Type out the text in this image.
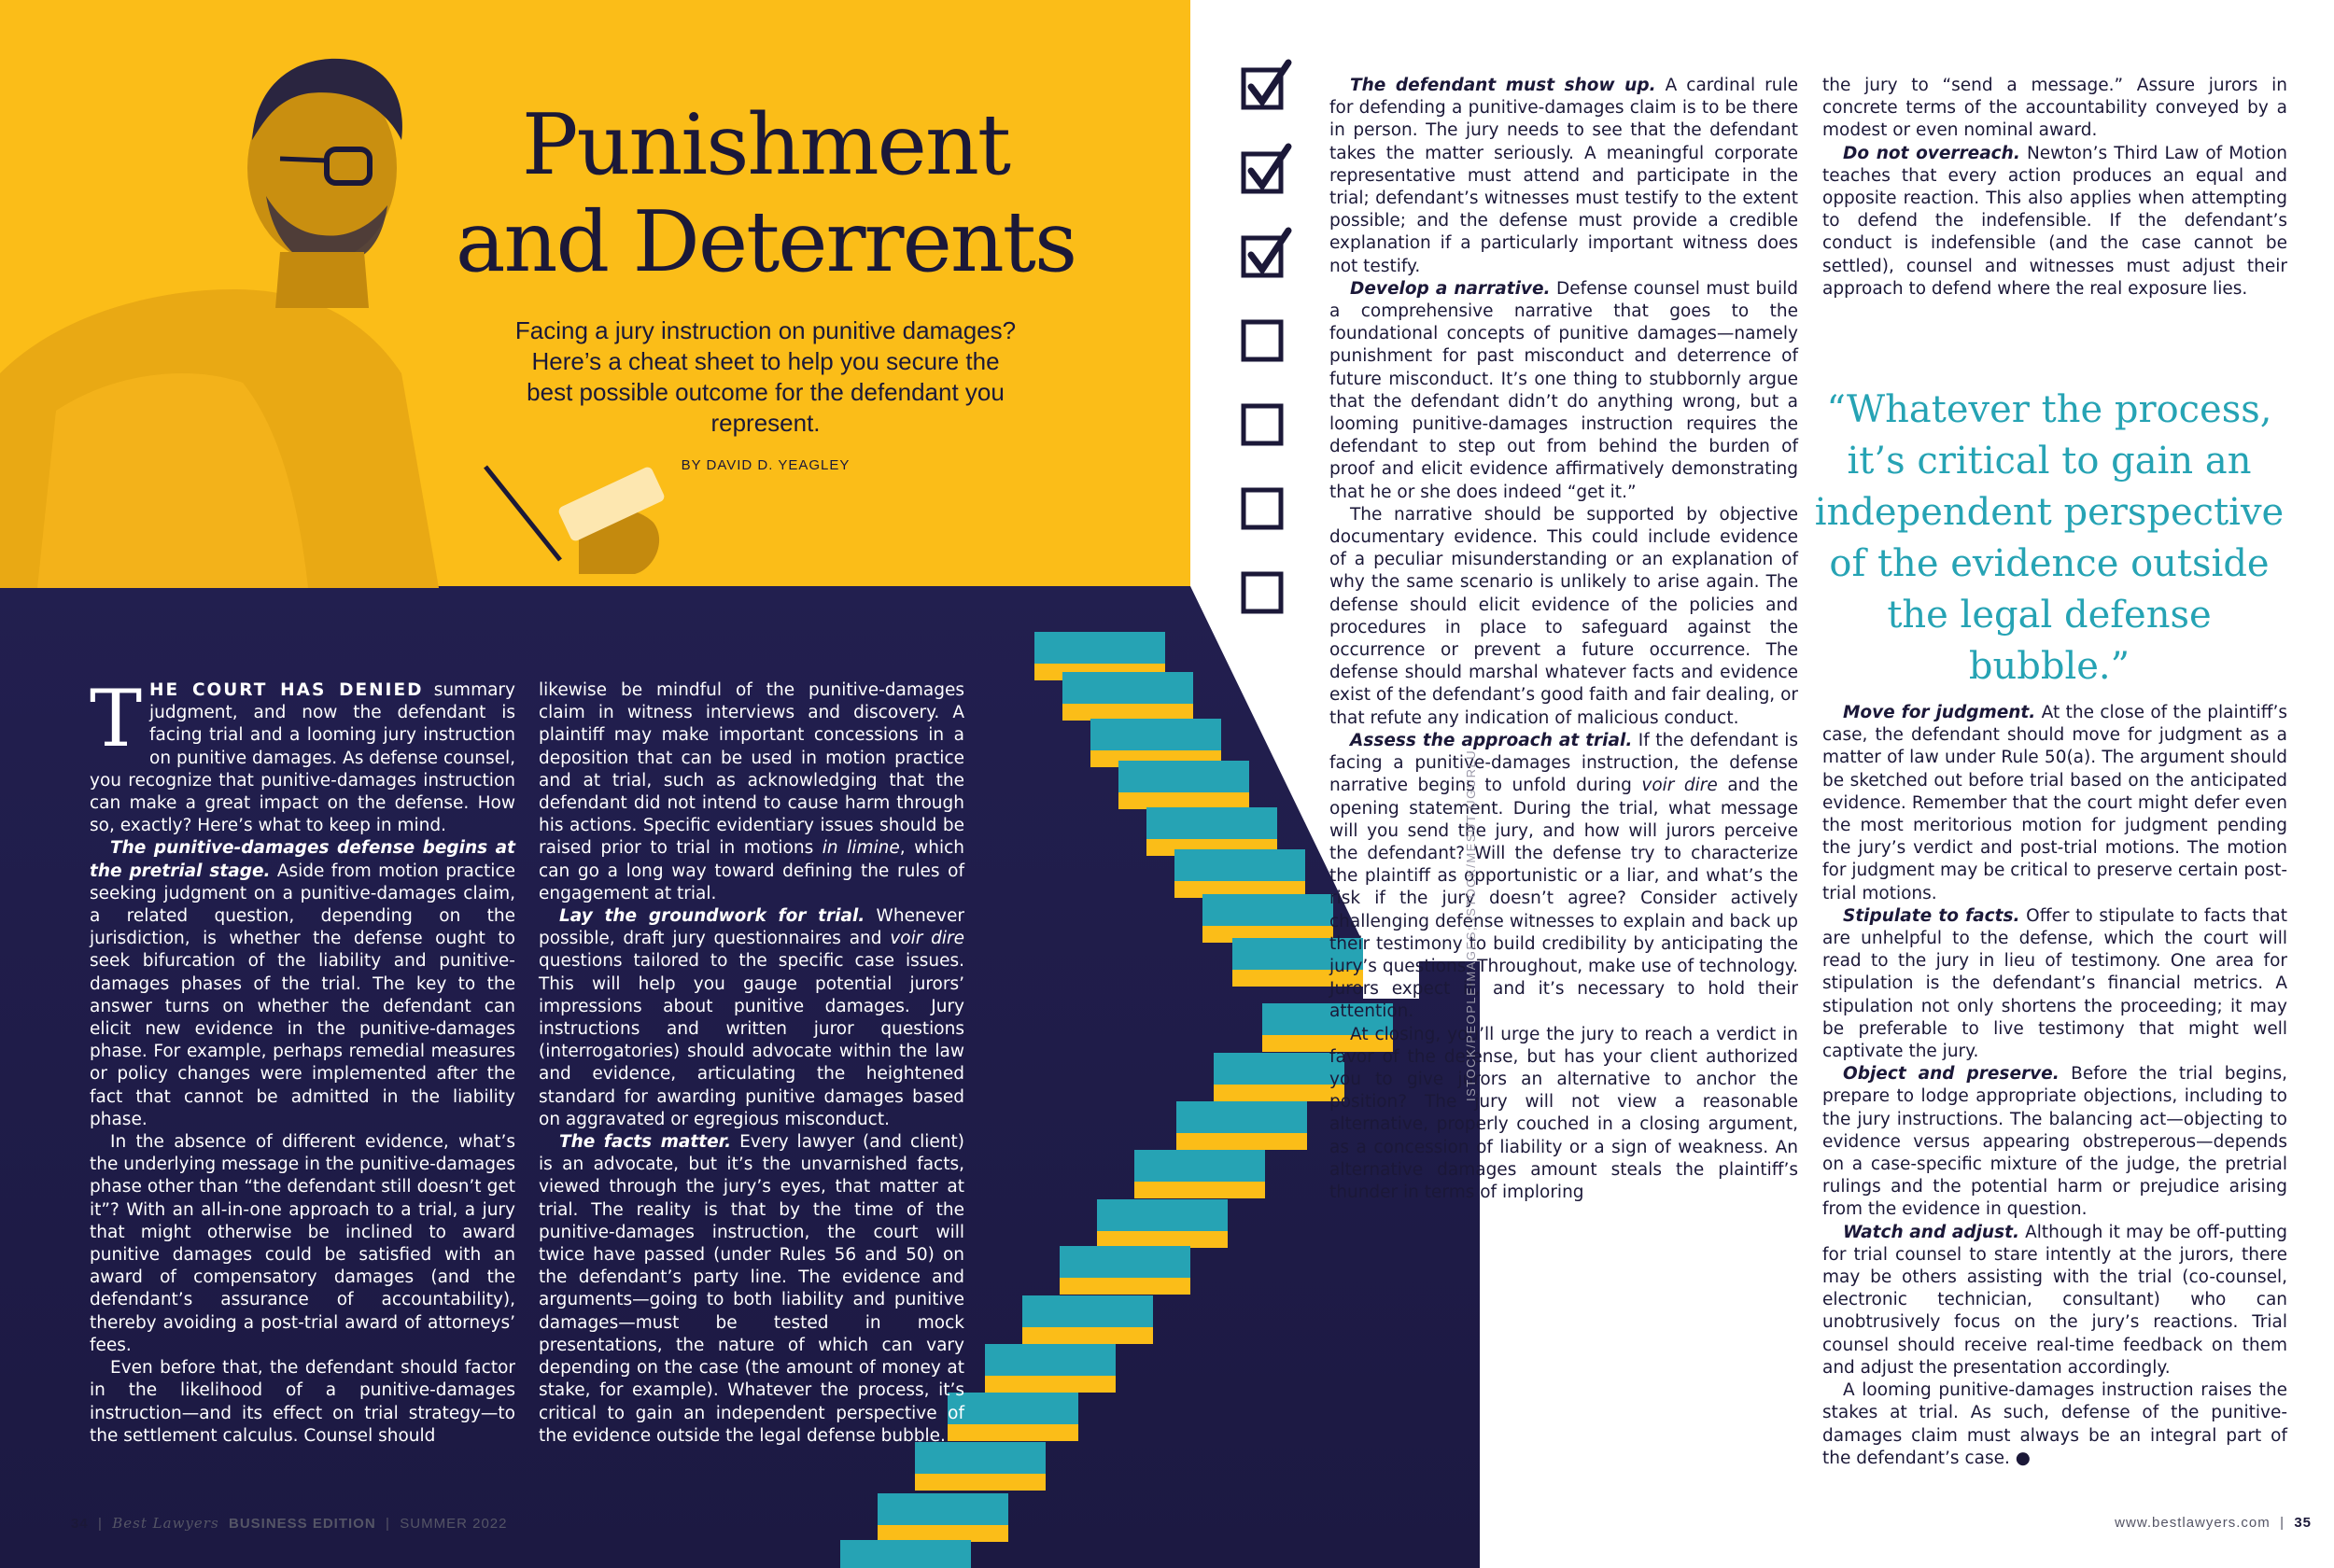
Punishment
and Deterrents
Facing a jury instruction on punitive damages? Here’s a cheat sheet to help you secure the best possible outcome for the defendant you represent.
BY DAVID D. YEAGLEY

THE COURT HAS DENIED summary judgment, and now the defendant is facing trial and a looming jury instruction on punitive damages. As defense counsel, you recognize that punitive-damages instruction can make a great impact on the defense. How so, exactly? Here’s what to keep in mind.

The punitive-damages defense begins at the pretrial stage. Aside from motion practice seeking judgment on a punitive-damages claim, a related question, depending on the jurisdiction, is whether the defense ought to seek bifurcation of the liability and punitive-damages phases of the trial. The key to the answer turns on whether the defendant can elicit new evidence in the punitive-damages phase. For example, perhaps remedial measures or policy changes were implemented after the fact that cannot be admitted in the liability phase.

In the absence of different evidence, what’s the underlying message in the punitive-damages phase other than “the defendant still doesn’t get it”? With an all-in-one approach to a trial, a jury that might otherwise be inclined to award punitive damages could be satisfied with an award of compensatory damages (and the defendant’s assurance of accountability), thereby avoiding a post-trial award of attorneys’ fees.

Even before that, the defendant should factor in the likelihood of a punitive-damages instruction—and its effect on trial strategy—to the settlement calculus. Counsel should

likewise be mindful of the punitive-damages claim in witness interviews and discovery. A plaintiff may make important concessions in a deposition that can be used in motion practice and at trial, such as acknowledging that the defendant did not intend to cause harm through his actions. Specific evidentiary issues should be raised prior to trial in motions in limine, which can go a long way toward defining the rules of engagement at trial.

Lay the groundwork for trial. Whenever possible, draft jury questionnaires and voir dire questions tailored to the specific case issues. This will help you gauge potential jurors’ impressions about punitive damages. Jury instructions and written juror questions (interrogatories) should advocate within the law and evidence, articulating the heightened standard for awarding punitive damages based on aggravated or egregious misconduct.

The facts matter. Every lawyer (and client) is an advocate, but it’s the unvarnished facts, viewed through the jury’s eyes, that matter at trial. The reality is that by the time of the punitive-damages instruction, the court will twice have passed (under Rules 56 and 50) on the defendant’s party line. The evidence and arguments—going to both liability and punitive damages—must be tested in mock presentations, the nature of which can vary depending on the case (the amount of money at stake, for example). Whatever the process, it’s critical to gain an independent perspective of the evidence outside the legal defense bubble.

The defendant must show up. A cardinal rule for defending a punitive-damages claim is to be there in person. The jury needs to see that the defendant takes the matter seriously. A meaningful corporate representative must attend and participate in the trial; defendant’s witnesses must testify to the extent possible; and the defense must provide a credible explanation if a particularly important witness does not testify.

Develop a narrative. Defense counsel must build a comprehensive narrative that goes to the foundational concepts of punitive damages—namely punishment for past misconduct and deterrence of future misconduct. It’s one thing to stubbornly argue that the defendant didn’t do anything wrong, but a looming punitive-damages instruction requires the defendant to step out from behind the burden of proof and elicit evidence affirmatively demonstrating that he or she does indeed “get it.”

The narrative should be supported by objective documentary evidence. This could include evidence of a peculiar misunderstanding or an explanation of why the same scenario is unlikely to arise again. The defense should elicit evidence of the policies and procedures in place to safeguard against the occurrence or prevent a future occurrence. The defense should marshal whatever facts and evidence exist of the defendant’s good faith and fair dealing, or that refute any indication of malicious conduct.

Assess the approach at trial. If the defendant is facing a punitive-damages instruction, the defense narrative begins to unfold during voir dire and the opening statement. During the trial, what message will you send the jury, and how will jurors perceive the defendant? Will the defense try to characterize the plaintiff as opportunistic or a liar, and what’s the risk if the jury doesn’t agree? Consider actively challenging defense witnesses to explain and back up their testimony to build credibility by anticipating the jury’s questions. Throughout, make use of technology. Jurors expect it, and it’s necessary to hold their attention.

At closing, you’ll urge the jury to reach a verdict in favor of the defense, but has your client authorized you to give jurors an alternative to anchor the position? The jury will not view a reasonable alternative, properly couched in a closing argument, as a concession of liability or a sign of weakness. An alternative damages amount steals the plaintiff’s thunder in terms of imploring

the jury to “send a message.” Assure jurors in concrete terms of the accountability conveyed by a modest or even nominal award.

Do not overreach. Newton’s Third Law of Motion teaches that every action produces an equal and opposite reaction. This also applies when attempting to defend the indefensible. If the defendant’s conduct is indefensible (and the case cannot be settled), counsel and witnesses must adjust their approach to defend where the real exposure lies.

“Whatever the process, it’s critical to gain an independent perspective of the evidence outside the legal defense bubble.”

Move for judgment. At the close of the plaintiff’s case, the defendant should move for judgment as a matter of law under Rule 50(a). The argument should be sketched out before trial based on the anticipated evidence. Remember that the court might defer even the most meritorious motion for judgment pending the jury’s verdict and post-trial motions. The motion for judgment may be critical to preserve certain post-trial motions.

Stipulate to facts. Offer to stipulate to facts that are unhelpful to the defense, which the court will read to the jury in lieu of testimony. One area for stipulation is the defendant’s financial metrics. A stipulation not only shortens the proceeding; it may be preferable to live testimony that might well captivate the jury.

Object and preserve. Before the trial begins, prepare to lodge appropriate objections, including to the jury instructions. The balancing act—objecting to evidence versus appearing obstreperous—depends on a case-specific mixture of the judge, the pretrial rulings and the potential harm or prejudice arising from the evidence in question.

Watch and adjust. Although it may be off-putting for trial counsel to stare intently at the jurors, there may be others assisting with the trial (co-counsel, electronic technician, consultant) who can unobtrusively focus on the jury’s reactions. Trial counsel should receive real-time feedback on them and adjust the presentation accordingly.

A looming punitive-damages instruction raises the stakes at trial. As such, defense of the punitive-damages claim must always be an integral part of the defendant’s case. ●

ISTOCK/PEOPLEIMAGES; ISTOCK/MESUT UGURLU
34 | Best Lawyers BUSINESS EDITION | SUMMER 2022	www.bestlawyers.com | 35
